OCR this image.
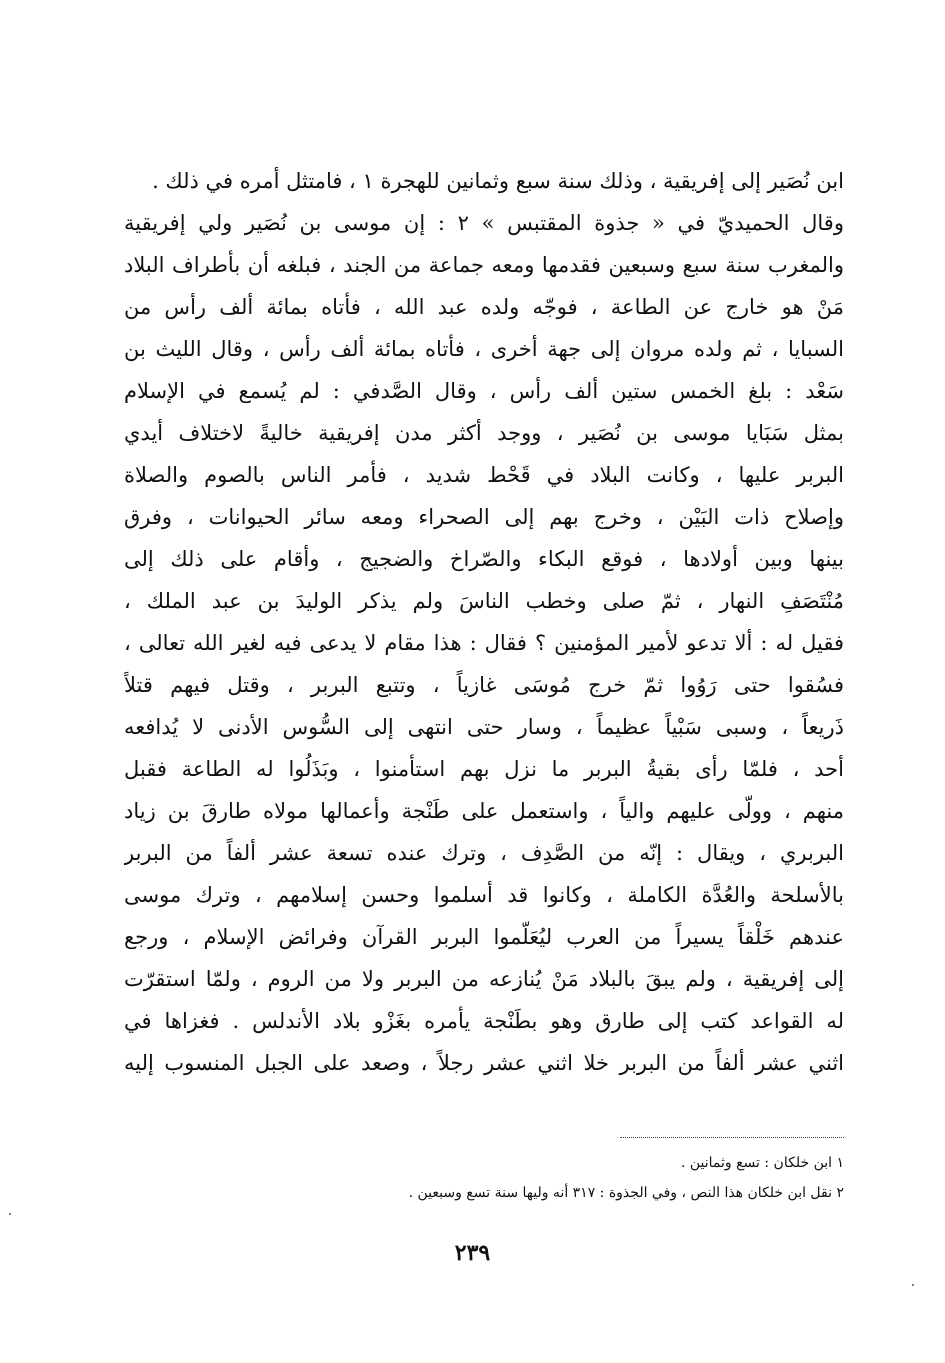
ابن نُصَير إلى إفريقية ، وذلك سنة سبع وثمانين للهجرة ١ ، فامتثل أمره في ذلك .
وقال الحميديّ في « جذوة المقتبس » ٢ : إن موسى بن نُصَير ولي إفريقية
والمغرب سنة سبع وسبعين فقدمها ومعه جماعة من الجند ، فبلغه أن بأطراف البلاد
مَنْ هو خارج عن الطاعة ، فوجّه ولده عبد الله ، فأتاه بمائة ألف رأس من
السبايا ، ثم ولده مروان إلى جهة أخرى ، فأتاه بمائة ألف رأس ، وقال الليث بن
سَعْد : بلغ الخمس ستين ألف رأس ، وقال الصَّدفي : لم يُسمع في الإسلام
بمثل سَبَايا موسى بن نُصَير ، ووجد أكثر مدن إفريقية خاليةً لاختلاف أيدي
البربر عليها ، وكانت البلاد في قَحْط شديد ، فأمر الناس بالصوم والصلاة
وإصلاح ذات البَيْن ، وخرج بهم إلى الصحراء ومعه سائر الحيوانات ، وفرق
بينها وبين أولادها ، فوقع البكاء والصّراخ والضجيج ، وأقام على ذلك إلى
مُنْتَصَفِ النهار ، ثمّ صلى وخطب الناسَ ولم يذكر الوليدَ بن عبد الملك ،
فقيل له : ألا تدعو لأمير المؤمنين ؟ فقال : هذا مقام لا يدعى فيه لغير الله تعالى ،
فسُقوا حتى رَوُوا ثمّ خرج مُوسَى غازياً ، وتتبع البربر ، وقتل فيهم قتلاً
ذَريعاً ، وسبى سَبْياً عظيماً ، وسار حتى انتهى إلى السُّوس الأدنى لا يُدافعه
أحد ، فلمّا رأى بقيةُ البربر ما نزل بهم استأمنوا ، وبَذَلُوا له الطاعة فقبل
منهم ، وولّى عليهم والياً ، واستعمل على طَنْجة وأعمالها مولاه طارقَ بن زياد
البربري ، ويقال : إنّه من الصَّدِف ، وترك عنده تسعة عشر ألفاً من البربر
بالأسلحة والعُدَّة الكاملة ، وكانوا قد أسلموا وحسن إسلامهم ، وترك موسى
عندهم خَلْقاً يسيراً من العرب ليُعَلّموا البربر القرآن وفرائض الإسلام ، ورجع
إلى إفريقية ، ولم يبقَ بالبلاد مَنْ يُنازعه من البربر ولا من الروم ، ولمّا استقرّت
له القواعد كتب إلى طارق وهو بطَنْجة يأمره بغَزْو بلاد الأندلس . فغزاها في
اثني عشر ألفاً من البربر خلا اثني عشر رجلاً ، وصعد على الجبل المنسوب إليه
١ ابن خلكان : تسع وثمانين .
٢ نقل ابن خلكان هذا النص ، وفي الجذوة : ٣١٧ أنه وليها سنة تسع وسبعين .
٢٣٩
